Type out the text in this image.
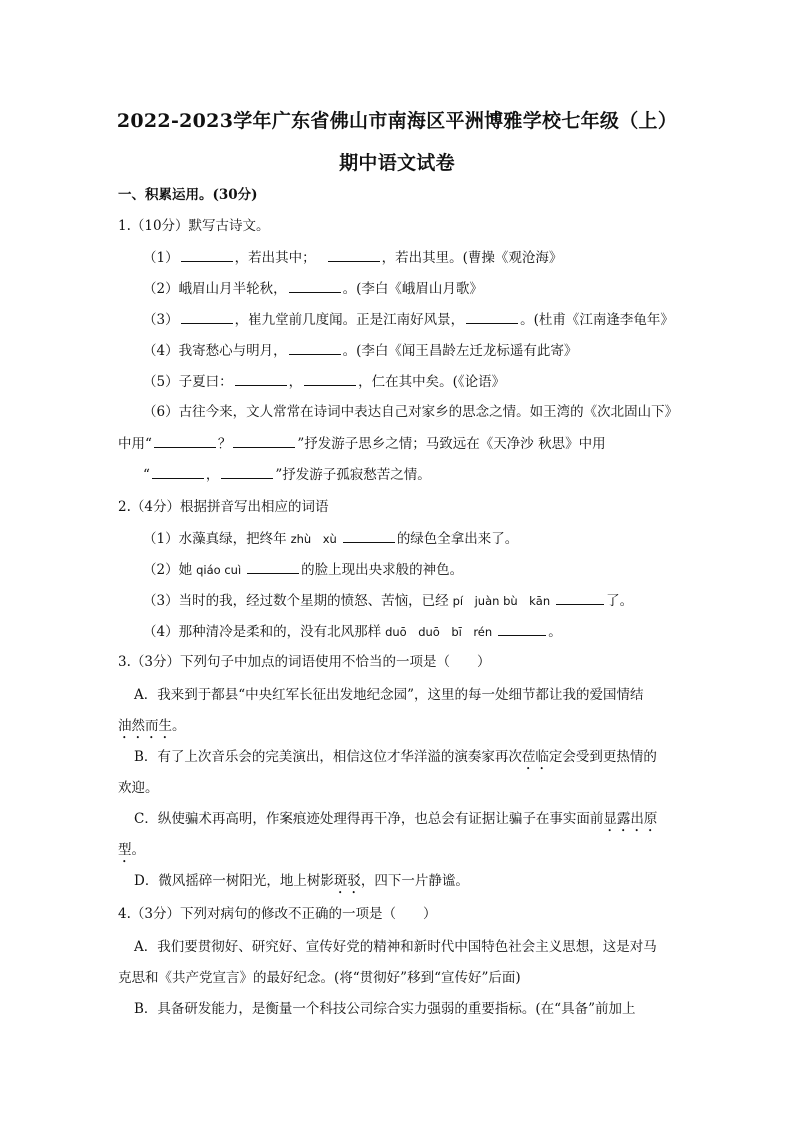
2022-2023学年广东省佛山市南海区平洲博雅学校七年级（上）
期中语文试卷
一、积累运用。(30分)
1.（10分）默写古诗文。
（1）	，若出其中；	，若出其里。(曹操《观沧海》
（2）峨眉山月半轮秋，	。(李白《峨眉山月歌》
（3）	，崔九堂前几度闻。正是江南好风景，	。(杜甫《江南逢李龟年》
（4）我寄愁心与明月，	。(李白《闻王昌龄左迁龙标遥有此寄》
（5）子夏曰：	，	，仁在其中矣。(《论语》
（6）古往今来，文人常常在诗词中表达自己对家乡的思念之情。如王湾的《次北固山下》
中用“	？	”抒发游子思乡之情；马致远在《天净沙 秋思》中用
“	，	”抒发游子孤寂愁苦之情。
2.（4分）根据拼音写出相应的词语
（1）水藻真绿，把终年 zhù　xù	的绿色全拿出来了。
（2）她 qiáo cuì	的脸上现出央求般的神色。
（3）当时的我，经过数个星期的愤怒、苦恼，已经 pí　juàn bù　kān	了。
（4）那种清冷是柔和的，没有北风那样 duō　duō　bī　rén	。
3.（3分）下列句子中加点的词语使用不恰当的一项是（　　）
A．我来到于都县“中央红军长征出发地纪念园”，这里的每一处细节都让我的爱国情结
油然而生。
B．有了上次音乐会的完美演出，相信这位才华洋溢的演奏家再次莅临定会受到更热情的
欢迎。
C．纵使骗术再高明，作案痕迹处理得再干净，也总会有证据让骗子在事实面前显露出原
型。
D．微风摇碎一树阳光，地上树影斑驳，四下一片静谧。
4.（3分）下列对病句的修改不正确的一项是（　　）
A．我们要贯彻好、研究好、宣传好党的精神和新时代中国特色社会主义思想，这是对马
克思和《共产党宣言》的最好纪念。(将“贯彻好”移到“宣传好”后面)
B．具备研发能力，是衡量一个科技公司综合实力强弱的重要指标。(在“具备”前加上
